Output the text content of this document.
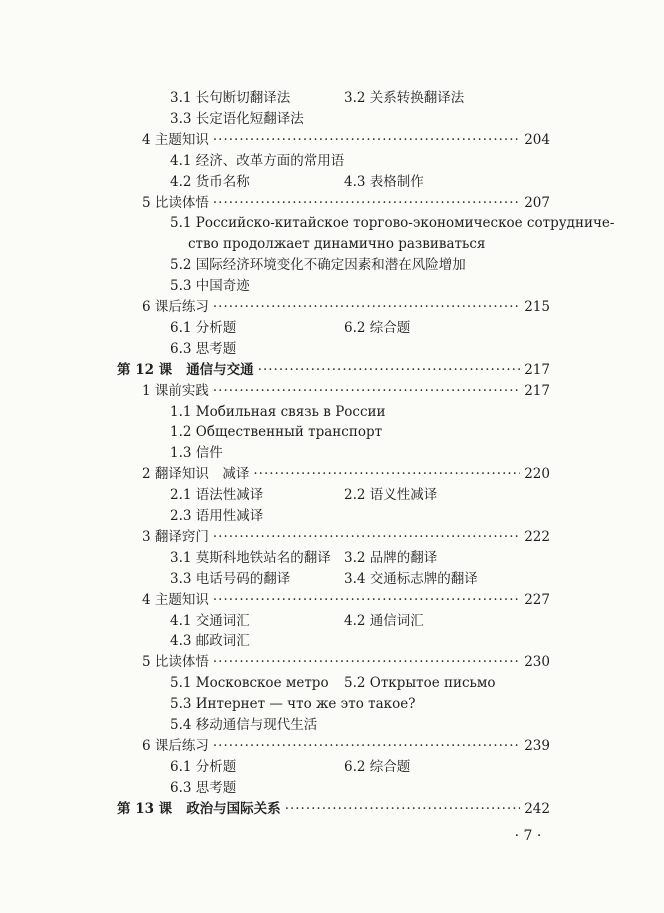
3.1 长句断切翻译法	3.2 关系转换翻译法
3.3 长定语化短翻译法
4 主题知识 ·····	204
4.1 经济、改革方面的常用语
4.2 货币名称	4.3 表格制作
5 比读体悟 ·····	207
5.1 Российско-китайское торгово-экономическое сотрудниче-
ство продолжает динамично развиваться
5.2 国际经济环境变化不确定因素和潜在风险增加
5.3 中国奇迹
6 课后练习 ·····	215
6.1 分析题	6.2 综合题
6.3 思考题
第 12 课 通信与交通 ·····	217
1 课前实践 ·····	217
1.1 Мобильная связь в России
1.2 Общественный транспорт
1.3 信件
2 翻译知识　减译 ·····	220
2.1 语法性减译	2.2 语义性减译
2.3 语用性减译
3 翻译窍门 ·····	222
3.1 莫斯科地铁站名的翻译 3.2 品牌的翻译
3.3 电话号码的翻译	3.4 交通标志牌的翻译
4 主题知识 ·····	227
4.1 交通词汇	4.2 通信词汇
4.3 邮政词汇
5 比读体悟 ·····	230
5.1 Московское метро 5.2 Открытое письмо
5.3 Интернет — что же это такое?
5.4 移动通信与现代生活
6 课后练习 ·····	239
6.1 分析题	6.2 综合题
6.3 思考题
第 13 课 政治与国际关系 ·····	242
· 7 ·
